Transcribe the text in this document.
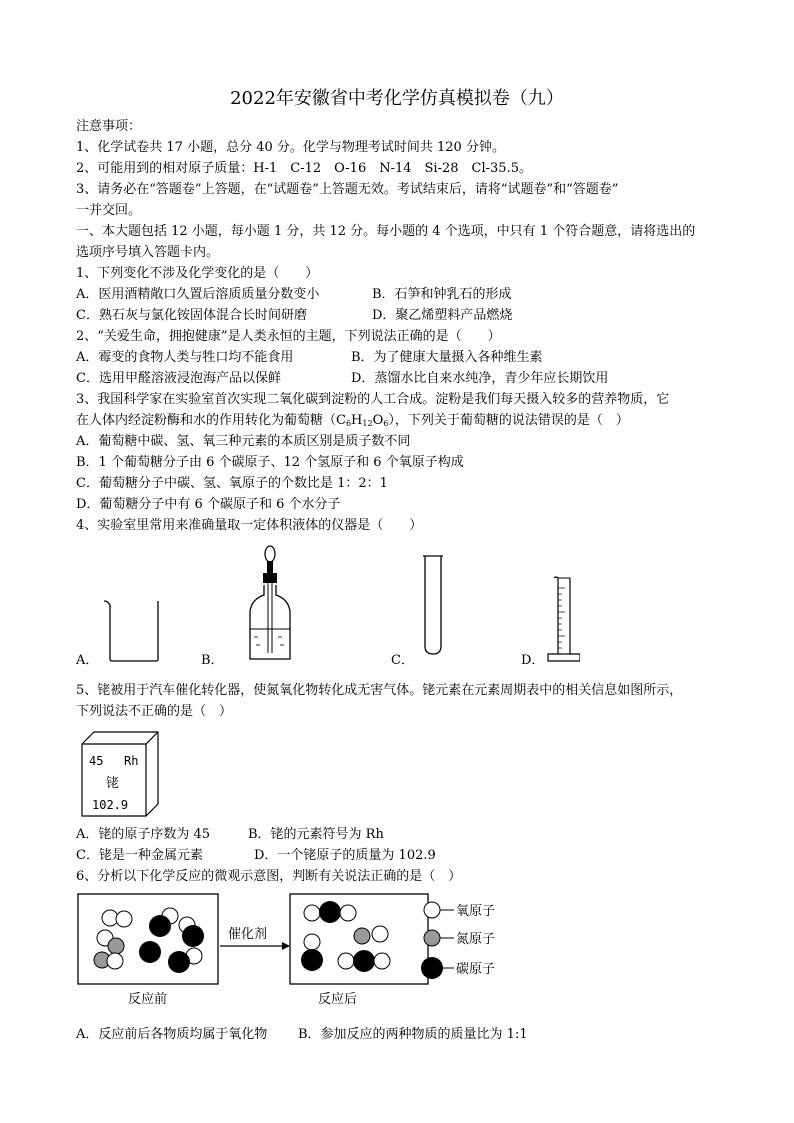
2022年安徽省中考化学仿真模拟卷（九）
注意事项：
1、化学试卷共 17 小题，总分 40 分。化学与物理考试时间共 120 分钟。
2、可能用到的相对原子质量：H-1　C-12　O-16　N-14　Si-28　Cl-35.5。
3、请务必在“答题卷”上答题，在“试题卷”上答题无效。考试结束后，请将“试题卷”和“答题卷”
一并交回。
一、本大题包括 12 小题，每小题 1 分，共 12 分。每小题的 4 个选项，中只有 1 个符合题意，请将选出的
选项序号填入答题卡内。
1、下列变化不涉及化学变化的是（　　）
A．医用酒精敞口久置后溶质质量分数变小	B．石笋和钟乳石的形成
C．熟石灰与氯化铵固体混合长时间研磨	D．聚乙烯塑料产品燃烧
2、“关爱生命，拥抱健康”是人类永恒的主题，下列说法正确的是（　　）
A．霉变的食物人类与牲口均不能食用	B．为了健康大量摄入各种维生素
C．选用甲醛溶液浸泡海产品以保鲜	D．蒸馏水比自来水纯净，青少年应长期饮用
3、我国科学家在实验室首次实现二氧化碳到淀粉的人工合成。淀粉是我们每天摄入较多的营养物质，它
在人体内经淀粉酶和水的作用转化为葡萄糖$(C_6H_{12}O_6)$，下列关于葡萄糖的说法错误的是（　）
A．葡萄糖中碳、氢、氧三种元素的本质区别是质子数不同
B．1 个葡萄糖分子由 6 个碳原子、12 个氢原子和 6 个氧原子构成
C．葡萄糖分子中碳、氢、氧原子的个数比是 1：2：1
D．葡萄糖分子中有 6 个碳原子和 6 个水分子
4、实验室里常用来准确量取一定体积液体的仪器是（　　）
A．	B．	C．	D．
5、铑被用于汽车催化转化器，使氮氧化物转化成无害气体。铑元素在元素周期表中的相关信息如图所示，
下列说法不正确的是（　）
45 Rh
铑
102.9
A．铑的原子序数为 45	B．铑的元素符号为 Rh
C．铑是一种金属元素	D．一个铑原子的质量为 102.9
6、分析以下化学反应的微观示意图，判断有关说法正确的是（　）
催化剂
氧原子
氮原子
碳原子
反应前	反应后
A．反应前后各物质均属于氧化物 B．参加反应的两种物质的质量比为 1:1
